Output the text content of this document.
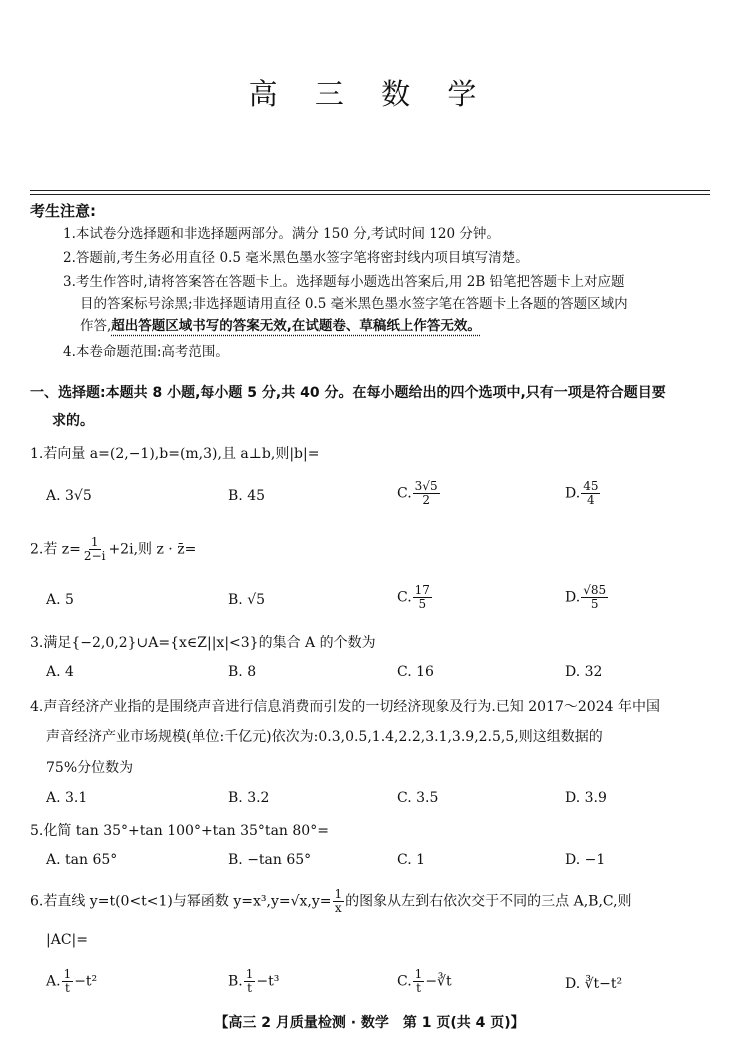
高 三 数 学
考生注意:
1.本试卷分选择题和非选择题两部分。满分 150 分,考试时间 120 分钟。
2.答题前,考生务必用直径 0.5 毫米黑色墨水签字笔将密封线内项目填写清楚。
3.考生作答时,请将答案答在答题卡上。选择题每小题选出答案后,用 2B 铅笔把答题卡上对应题
目的答案标号涂黑;非选择题请用直径 0.5 毫米黑色墨水签字笔在答题卡上各题的答题区域内
作答,超出答题区域书写的答案无效,在试题卷、草稿纸上作答无效。
4.本卷命题范围:高考范围。
一、选择题:本题共 8 小题,每小题 5 分,共 40 分。在每小题给出的四个选项中,只有一项是符合题目要
求的。
1.若向量 a=(2,−1),b=(m,3),且 a⊥b,则|b|=
A. 3√5	B. 45	C. $\frac{3√5}{2}$	D. $\frac{45}{4}$
2.若 $z= \frac{1}{2-i} +2i$,则 z · z̄=
A. 5	B. √5	C. $\frac{17}{5}$	D. $\frac{√85}{5}$
3.满足{−2,0,2}∪A={x∈Z||x|<3}的集合 A 的个数为
A. 4	B. 8	C. 16	D. 32
4.声音经济产业指的是围绕声音进行信息消费而引发的一切经济现象及行为.已知 2017～2024 年中国
声音经济产业市场规模(单位:千亿元)依次为:0.3,0.5,1.4,2.2,3.1,3.9,2.5,5,则这组数据的
75%分位数为
A. 3.1	B. 3.2	C. 3.5	D. 3.9
5.化简 tan 35°+tan 100°+tan 35°tan 80°=
A. tan 65°	B. −tan 65°	C. 1	D. −1
6.若直线 y=t(0<t<1)与幂函数 $y=x^3,y=√x,y= \frac{1}{x}$ 的图象从左到右依次交于不同的三点 A,B,C,则
|AC|=
A. $\frac{1}{t} -t^2$	B. $\frac{1}{t} -t^3$	C. $\frac{1}{t}$ −∛t	D. ∛t−t²
【高三 2 月质量检测 · 数学　第 1 页(共 4 页)】
